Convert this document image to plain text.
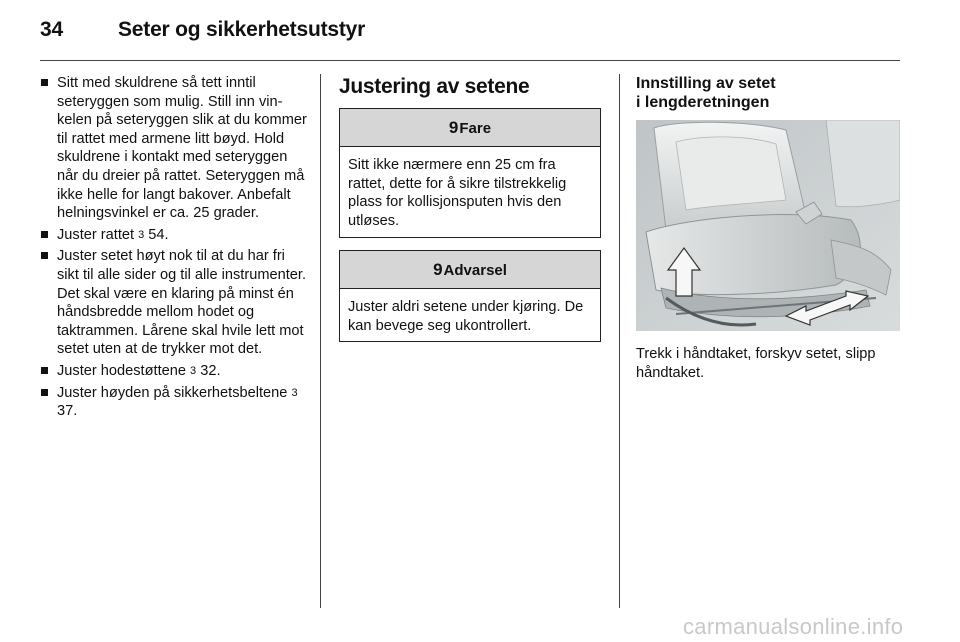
34	Seter og sikkerhetsutstyr
Sitt med skuldrene så tett inntil seteryggen som mulig. Still inn vinkelen på seteryggen slik at du kommer til rattet med armene litt bøyd. Hold skuldrene i kontakt med seteryggen når du dreier på rattet. Seteryggen må ikke helle for langt bakover. Anbefalt helningsvinkel er ca. 25 grader.
Juster rattet 3 54.
Juster setet høyt nok til at du har fri sikt til alle sider og til alle instrumenter. Det skal være en klaring på minst én håndsbredde mellom hodet og taktrammen. Lårene skal hvile lett mot setet uten at de trykker mot det.
Juster hodestøttene 3 32.
Juster høyden på sikkerhetsbeltene 3 37.
Justering av setene
9Fare
Sitt ikke nærmere enn 25 cm fra rattet, dette for å sikre tilstrekkelig plass for kollisjonsputen hvis den utløses.
9Advarsel
Juster aldri setene under kjøring. De kan bevege seg ukontrollert.
Innstilling av setet
i lengderetningen
Trekk i håndtaket, forskyv setet, slipp håndtaket.
carmanualsonline.info
